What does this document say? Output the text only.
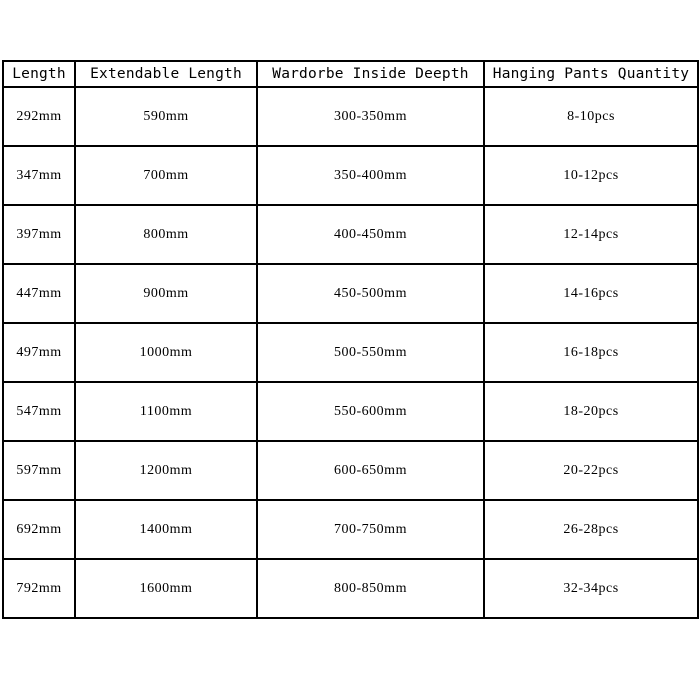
Length	Extendable Length	Wardorbe Inside Deepth	Hanging Pants Quantity
292mm	590mm	300-350mm	8-10pcs
347mm	700mm	350-400mm	10-12pcs
397mm	800mm	400-450mm	12-14pcs
447mm	900mm	450-500mm	14-16pcs
497mm	1000mm	500-550mm	16-18pcs
547mm	1100mm	550-600mm	18-20pcs
597mm	1200mm	600-650mm	20-22pcs
692mm	1400mm	700-750mm	26-28pcs
792mm	1600mm	800-850mm	32-34pcs
